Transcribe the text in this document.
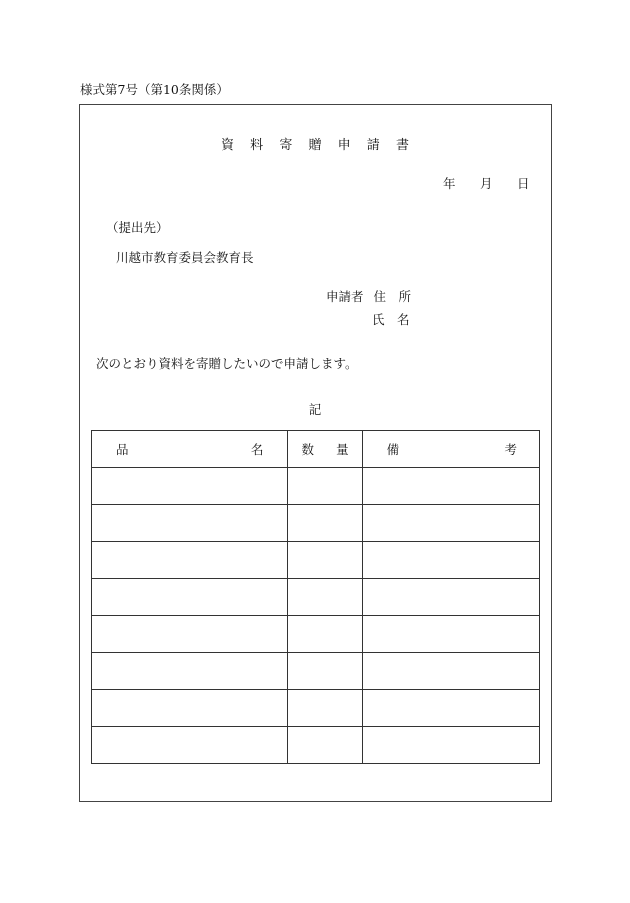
様式第7号（第10条関係）
資 料 寄 贈 申 請 書
年 月 日
（提出先）
川越市教育委員会教育長
申請者 住　所
氏　名
次のとおり資料を寄贈したいので申請します。
記
品 名	数 量	備 考
